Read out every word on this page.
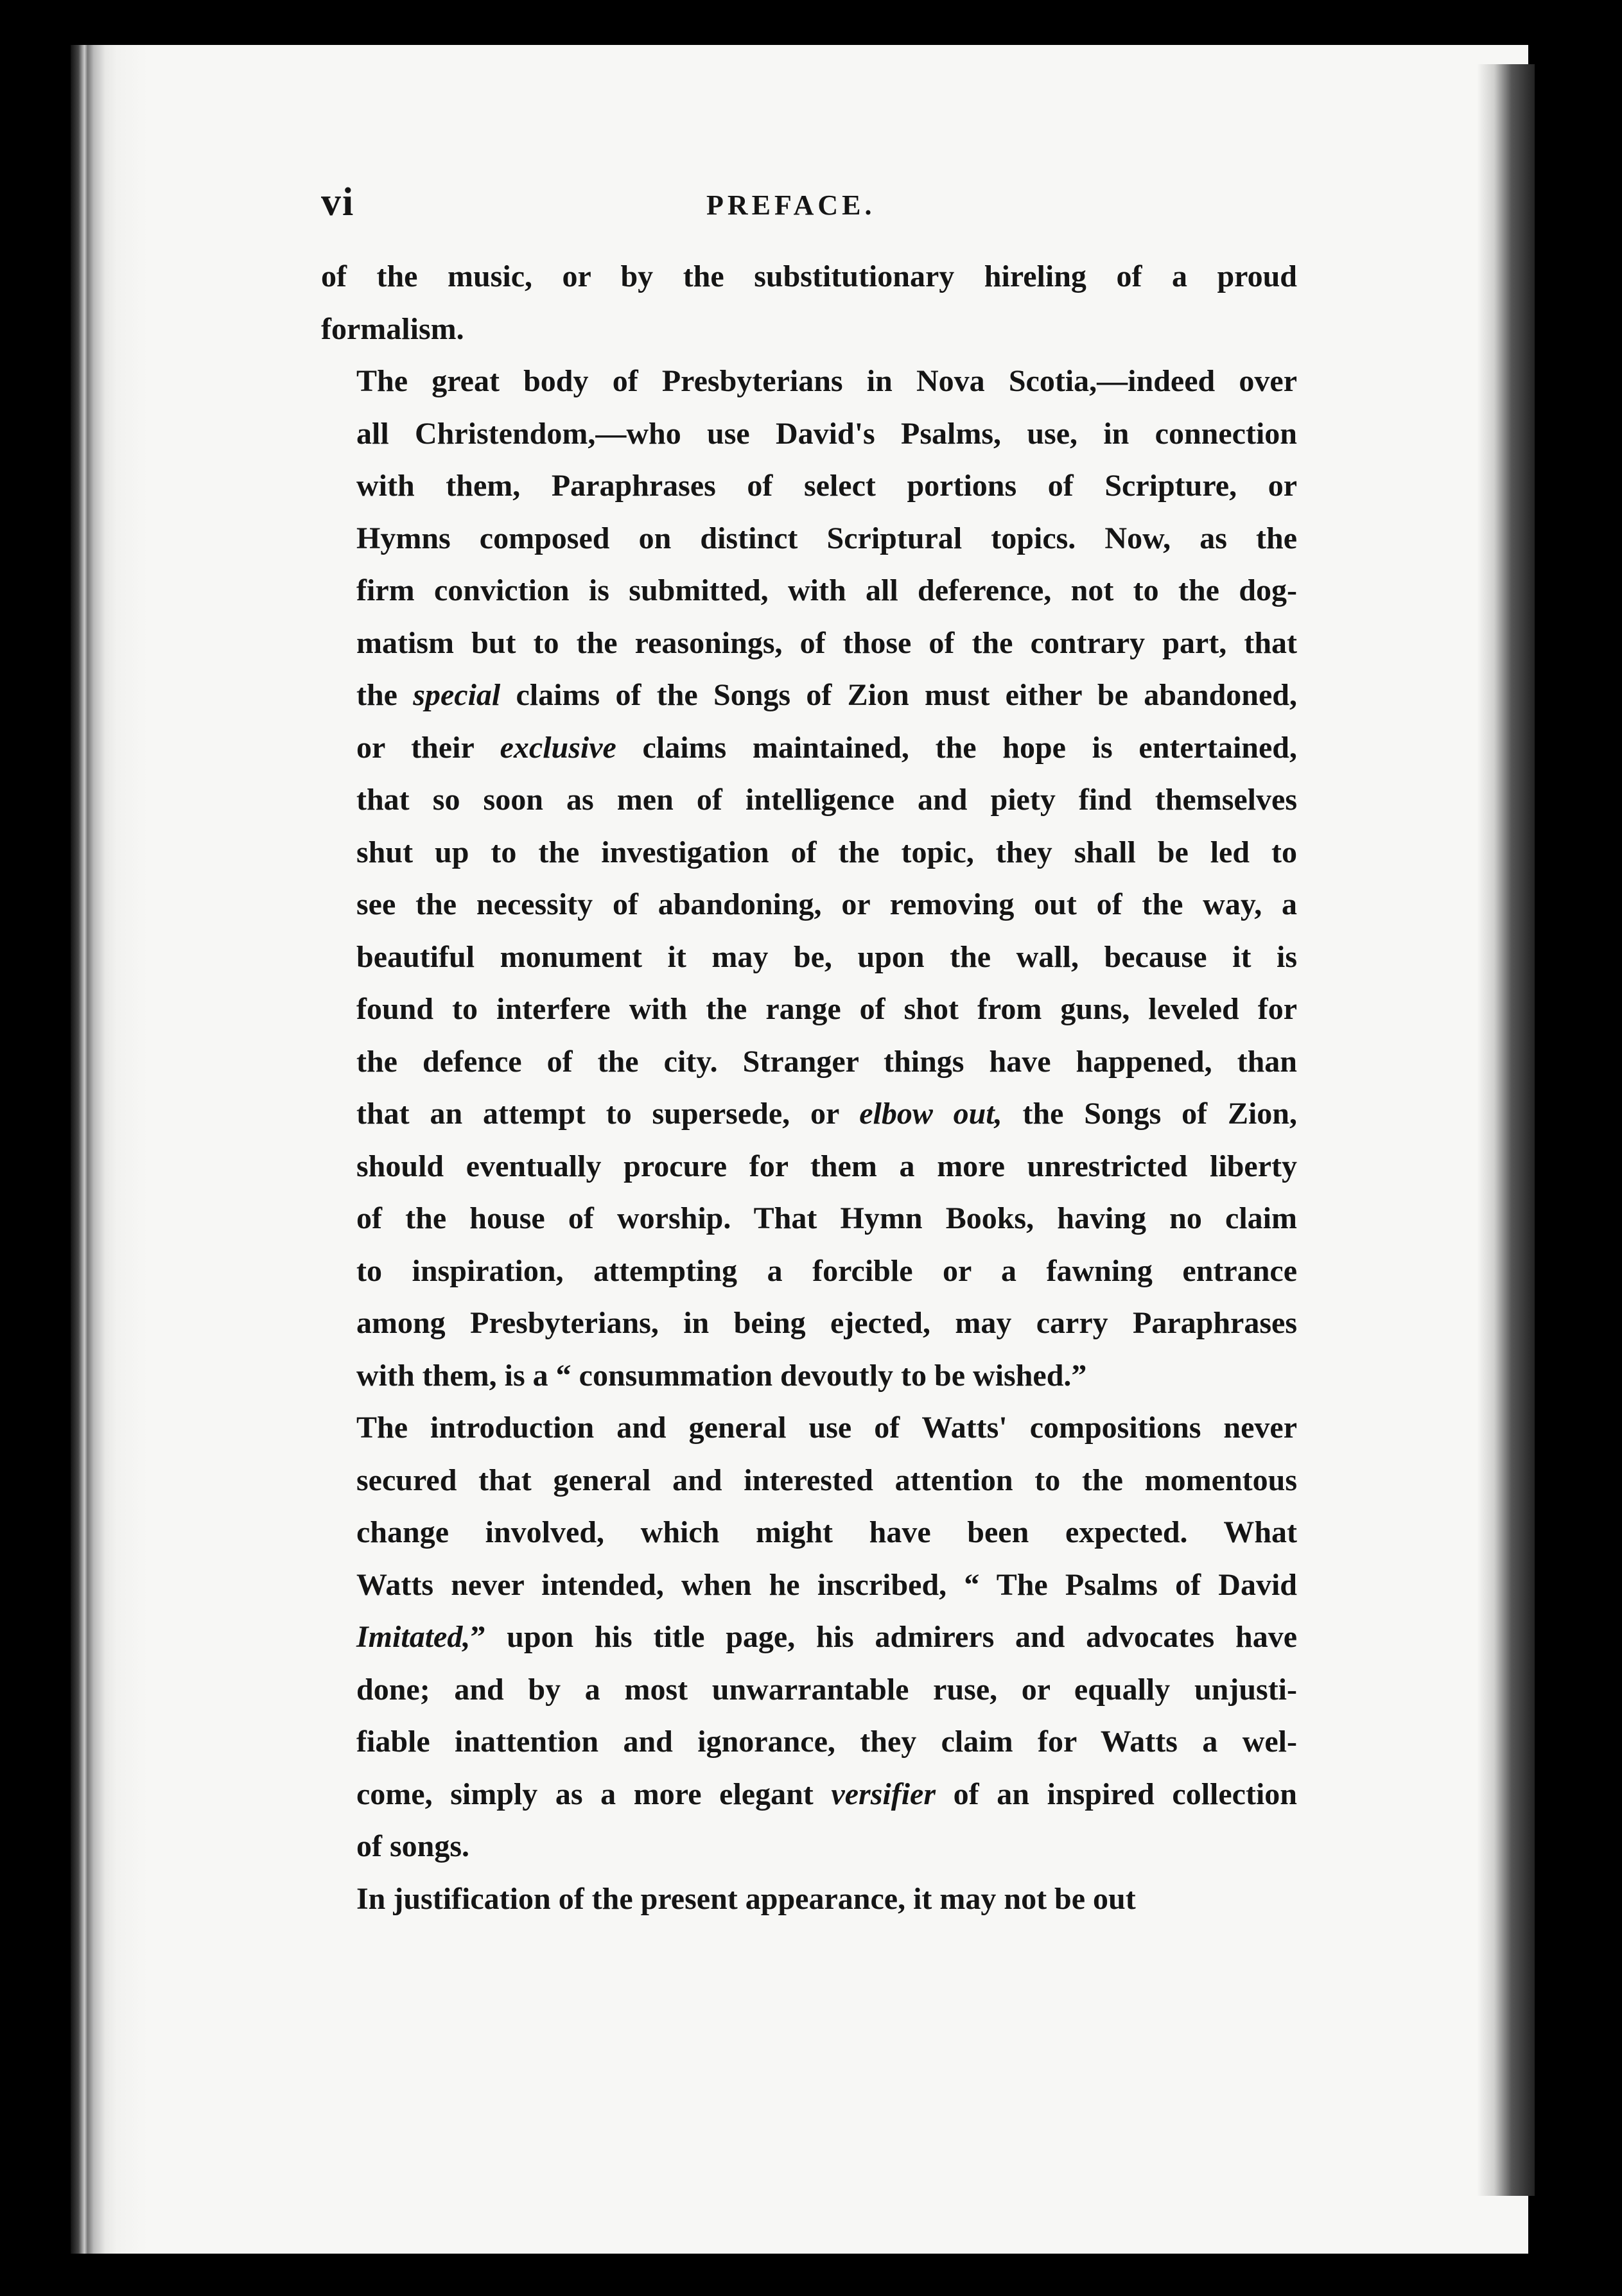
vi	PREFACE.

of the music, or by the substitutionary hireling of a proud
formalism.

The great body of Presbyterians in Nova Scotia,—indeed over
all Christendom,—who use David's Psalms, use, in connection
with them, Paraphrases of select portions of Scripture, or
Hymns composed on distinct Scriptural topics. Now, as the
firm conviction is submitted, with all deference, not to the dog-
matism but to the reasonings, of those of the contrary part, that
the special claims of the Songs of Zion must either be abandoned,
or their exclusive claims maintained, the hope is entertained,
that so soon as men of intelligence and piety find themselves
shut up to the investigation of the topic, they shall be led to
see the necessity of abandoning, or removing out of the way, a
beautiful monument it may be, upon the wall, because it is
found to interfere with the range of shot from guns, leveled for
the defence of the city. Stranger things have happened, than
that an attempt to supersede, or elbow out, the Songs of Zion,
should eventually procure for them a more unrestricted liberty
of the house of worship. That Hymn Books, having no claim
to inspiration, attempting a forcible or a fawning entrance
among Presbyterians, in being ejected, may carry Paraphrases
with them, is a “ consummation devoutly to be wished.”

The introduction and general use of Watts' compositions never
secured that general and interested attention to the momentous
change involved, which might have been expected. What
Watts never intended, when he inscribed, “ The Psalms of David
Imitated,” upon his title page, his admirers and advocates have
done; and by a most unwarrantable ruse, or equally unjusti-
fiable inattention and ignorance, they claim for Watts a wel-
come, simply as a more elegant versifier of an inspired collection
of songs.

In justification of the present appearance, it may not be out
